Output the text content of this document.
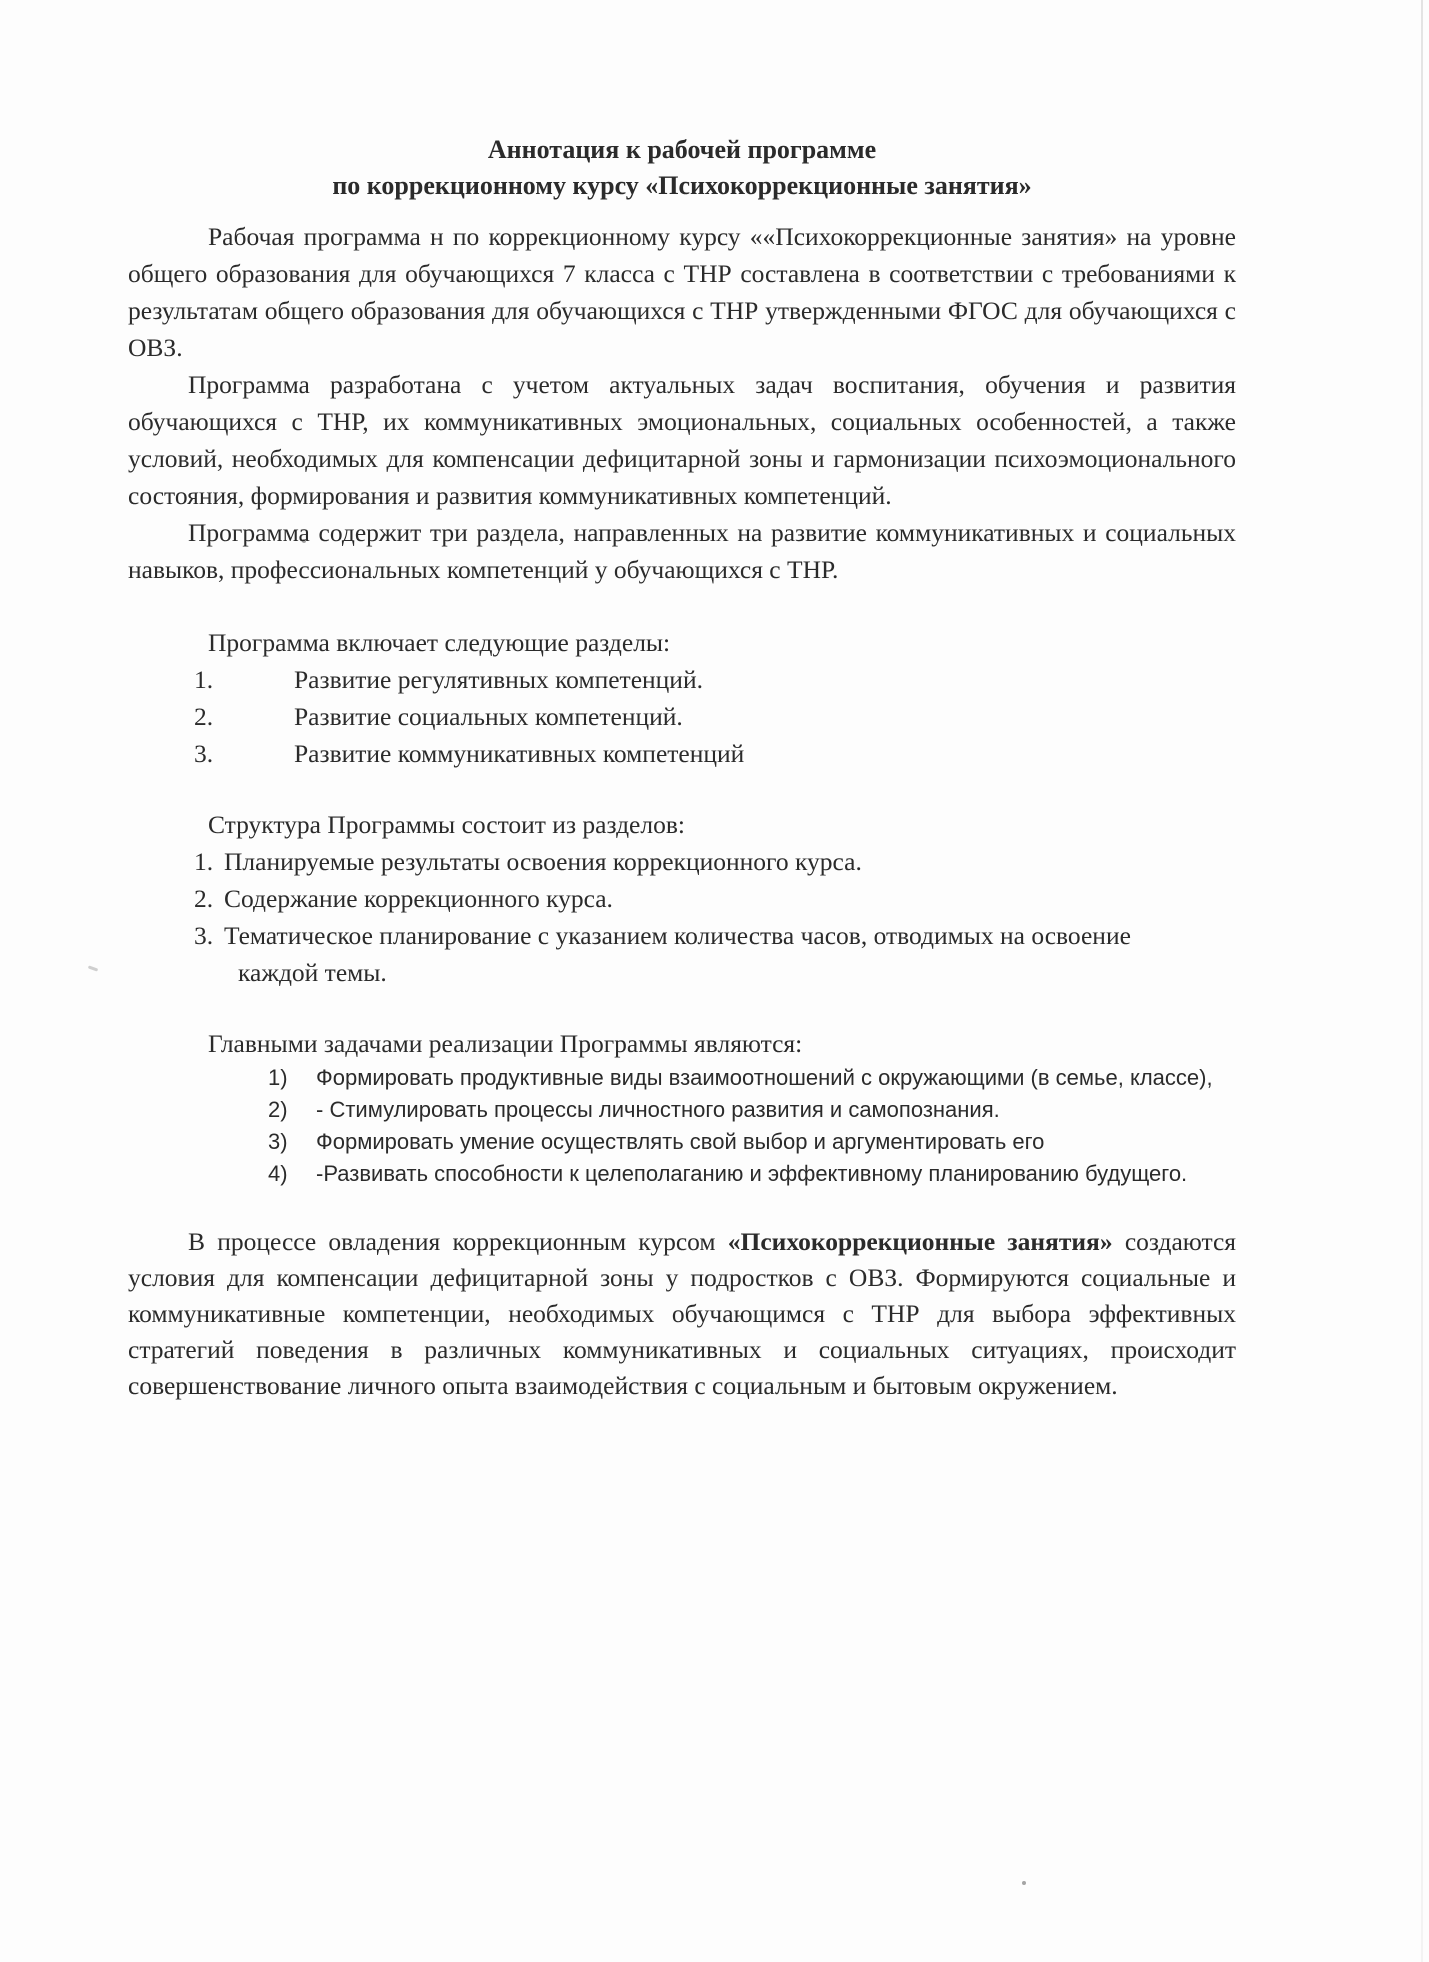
Аннотация к рабочей программе

по коррекционному курсу «Психокоррекционные занятия»

Рабочая программа н по коррекционному курсу ««Психокоррекционные занятия» на уровне общего образования для обучающихся 7 класса с ТНР составлена в соответствии с требованиями к результатам общего образования для обучающихся с ТНР утвержденными ФГОС для обучающихся с ОВЗ.

Программа разработана с учетом актуальных задач воспитания, обучения и развития обучающихся с ТНР, их коммуникативных эмоциональных, социальных особенностей, а также условий, необходимых для компенсации дефицитарной зоны и гармонизации психоэмоционального состояния, формирования и развития коммуникативных компетенций.

Программа содержит три раздела, направленных на развитие коммуникативных и социальных навыков, профессиональных компетенций у обучающихся с ТНР.

Программа включает следующие разделы:

1.	Развитие регулятивных компетенций.
2.	Развитие социальных компетенций.
3.	Развитие коммуникативных компетенций

Структура Программы состоит из разделов:

1. Планируемые результаты освоения коррекционного курса.
2. Содержание коррекционного курса.
3. Тематическое планирование с указанием количества часов, отводимых на освоение
каждой темы.

Главными задачами реализации Программы являются:

1)	Формировать продуктивные виды взаимоотношений с окружающими (в семье, классе),
2)	- Стимулировать процессы личностного развития и самопознания.
3)	Формировать умение осуществлять свой выбор и аргументировать его
4)	-Развивать способности к целеполаганию и эффективному планированию будущего.

В процессе овладения коррекционным курсом «Психокоррекционные занятия» создаются условия для компенсации дефицитарной зоны у подростков с ОВЗ. Формируются социальные и коммуникативные компетенции, необходимых обучающимся с ТНР для выбора эффективных стратегий поведения в различных коммуникативных и социальных ситуациях, происходит совершенствование личного опыта взаимодействия с социальным и бытовым окружением.
